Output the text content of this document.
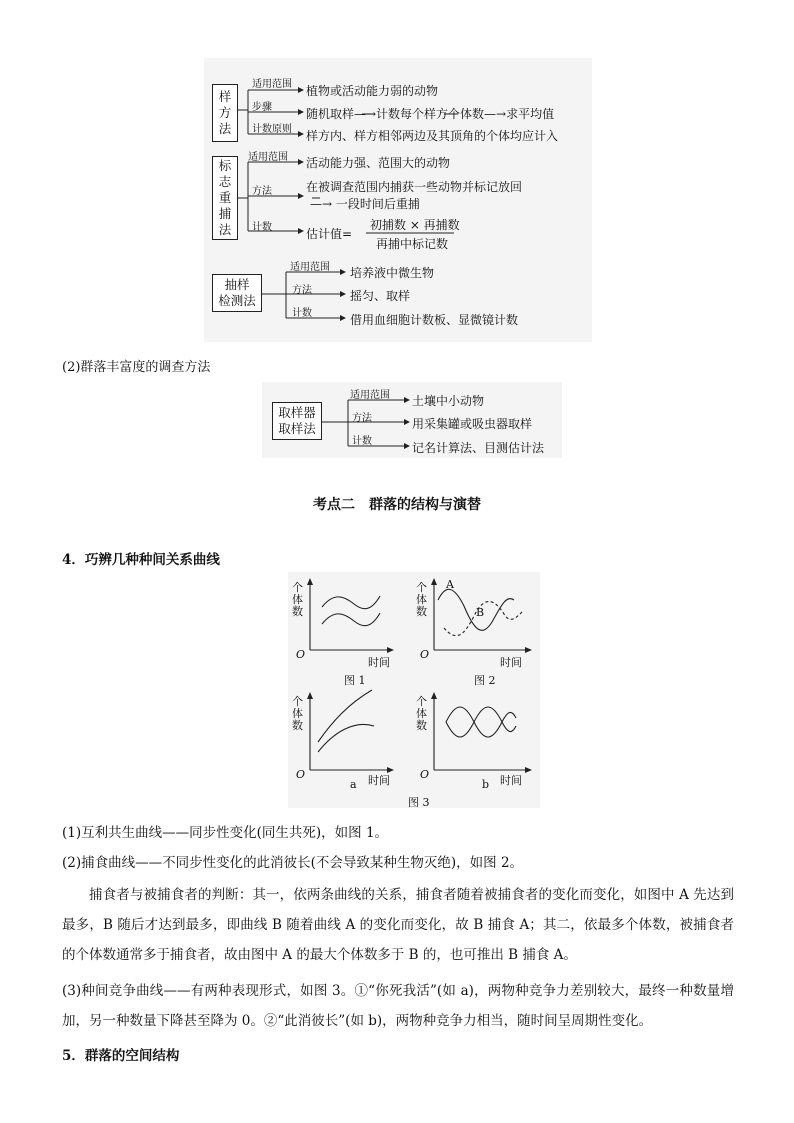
样
方
法
适用范围 植物或活动能力弱的动物
步骤	随机取样—→计数每个样方个体数—→求平均值
计数原则 样方内、样方相邻两边及其顶角的个体均应计入
标
志
重
捕
法
适用范围 活动能力强、范围大的动物
方法	在被调查范围内捕获一些动物并标记放回
—→ 一段时间后重捕
计数	估计值=
初捕数 × 再捕数
再捕中标记数
抽样
检测法
适用范围 培养液中微生物
方法	摇匀、取样
计数	借用血细胞计数板、显微镜计数
(2)群落丰富度的调查方法
取样器
取样法
适用范围 土壤中小动物
方法	用采集罐或吸虫器取样
计数	记名计算法、目测估计法
考点二　群落的结构与演替
4．巧辨几种种间关系曲线
个
体
数
O
时间
图 1
个
体
数
A
B
O
时间
图 2
个
体
数
O	时间
a
个
体
数
O	时间
b
图 3
(1)互利共生曲线——同步性变化(同生共死)，如图 1。
(2)捕食曲线——不同步性变化的此消彼长(不会导致某种生物灭绝)，如图 2。
捕食者与被捕食者的判断：其一，依两条曲线的关系，捕食者随着被捕食者的变化而变化，如图中 A 先达到最多，B 随后才达到最多，即曲线 B 随着曲线 A 的变化而变化，故 B 捕食 A；其二，依最多个体数，被捕食者的个体数通常多于捕食者，故由图中 A 的最大个体数多于 B 的，也可推出 B 捕食 A。
(3)种间竞争曲线——有两种表现形式，如图 3。①“你死我活”(如 a)，两物种竞争力差别较大，最终一种数量增加，另一种数量下降甚至降为 0。②“此消彼长”(如 b)，两物种竞争力相当，随时间呈周期性变化。
5．群落的空间结构
